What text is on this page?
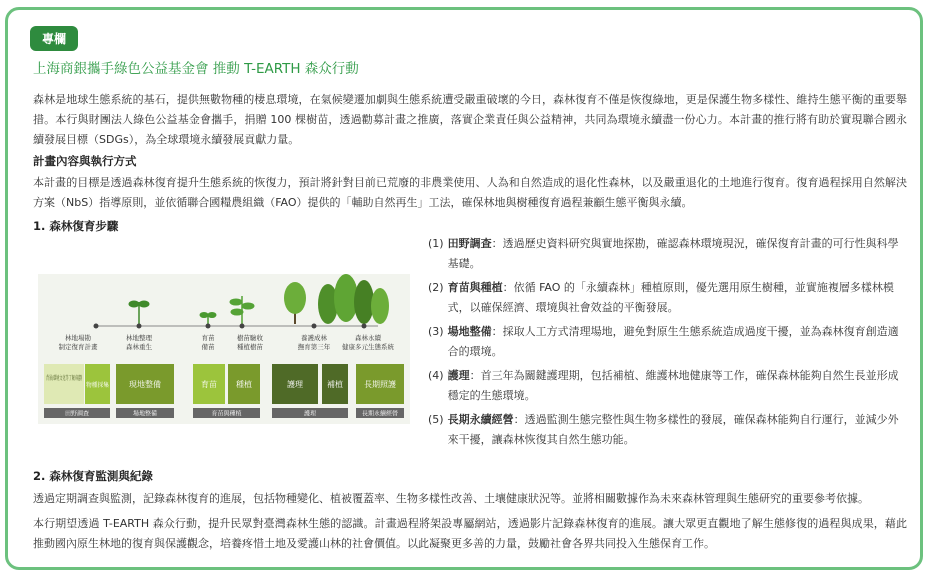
專欄
上海商銀攜手綠色公益基金會 推動 T-EARTH 森众行動
森林是地球生態系統的基石，提供無數物種的棲息環境，在氣候變遷加劇與生態系統遭受嚴重破壞的今日，森林復育不僅是恢復綠地，更是保護生物多樣性、維持生態平衡的重要舉措。本行與財團法人綠色公益基金會攜手，捐贈 100 棵樹苗，透過勸募計畫之推廣，落實企業責任與公益精神，共同為環境永續盡一份心力。本計畫的推行將有助於實現聯合國永續發展目標（SDGs），為全球環境永續發展貢獻力量。
計畫內容與執行方式
本計畫的目標是透過森林復育提升生態系統的恢復力，預計將針對目前已荒廢的非農業使用、人為和自然造成的退化性森林，以及嚴重退化的土地進行復育。復育過程採用自然解決方案（NbS）指導原則，並依循聯合國糧農組織（FAO）提供的「輔助自然再生」工法，確保林地與樹種復育過程兼顧生態平衡與永續。
1. 森林復育步驟
林地場勘
制定復育計畫
林地整理
森林重生
育苗
備苗
樹苗驗收
種植樹苗
養護成林
撫育第三年
森林永續
健康多元生態系統
背景/環境文化等了解/規劃
物種採集 現地整備	育苗 種植	護理	補植	長期照護
田野調查	場地整備	育苗與種植	護理	長期永續經營
(1) 田野調查：透過歷史資料研究與實地探勘，確認森林環境現況，確保復育計畫的可行性與科學基礎。
(2) 育苗與種植：依循 FAO 的「永續森林」種植原則，優先選用原生樹種，並實施複層多樣林模式，以確保經濟、環境與社會效益的平衡發展。
(3) 場地整備：採取人工方式清理場地，避免對原生生態系統造成過度干擾，並為森林復育創造適合的環境。
(4) 護理：首三年為關鍵護理期，包括補植、維護林地健康等工作，確保森林能夠自然生長並形成穩定的生態環境。
(5) 長期永續經營：透過監測生態完整性與生物多樣性的發展，確保森林能夠自行運行，並減少外來干擾，讓森林恢復其自然生態功能。
2. 森林復育監測與紀錄
透過定期調查與監測，記錄森林復育的進展，包括物種變化、植被覆蓋率、生物多樣性改善、土壤健康狀況等。並將相關數據作為未來森林管理與生態研究的重要參考依據。
本行期望透過 T-EARTH 森众行動，提升民眾對臺灣森林生態的認識。計畫過程將架設專屬網站，透過影片記錄森林復育的進展。讓大眾更直觀地了解生態修復的過程與成果，藉此推動國內原生林地的復育與保護觀念，培養疼惜土地及愛護山林的社會價值。以此凝聚更多善的力量，鼓勵社會各界共同投入生態保育工作。
